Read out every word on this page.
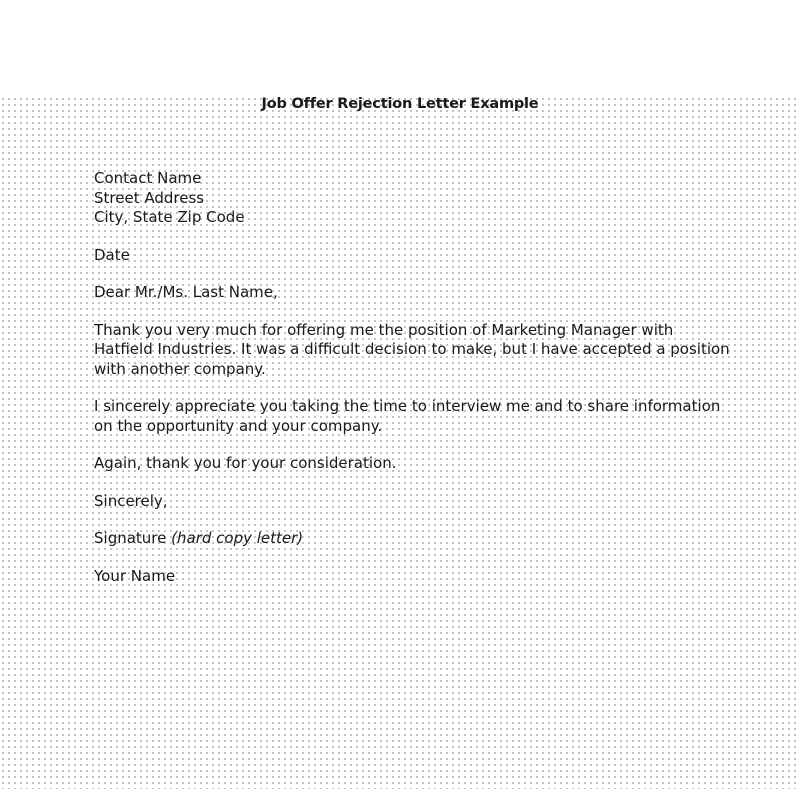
Job Offer Rejection Letter Example
Contact Name
Street Address
City, State Zip Code
Date
Dear Mr./Ms. Last Name,
Thank you very much for offering me the position of Marketing Manager with
Hatfield Industries. It was a difficult decision to make, but I have accepted a position
with another company.
I sincerely appreciate you taking the time to interview me and to share information
on the opportunity and your company.
Again, thank you for your consideration.
Sincerely,
Signature (hard copy letter)
Your Name
